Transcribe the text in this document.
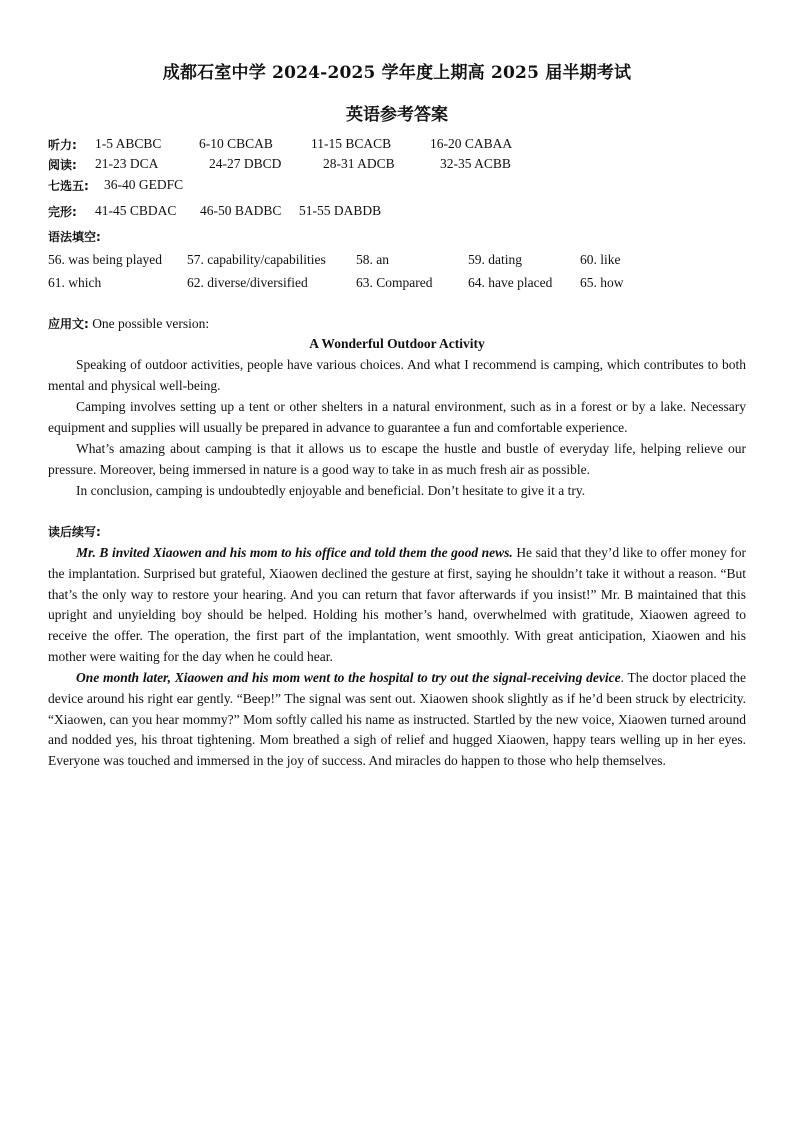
成都石室中学 2024-2025 学年度上期高 2025 届半期考试
英语参考答案
听力: 1-5 ABCBC	6-10 CBCAB	11-15 BCACB	16-20 CABAA
阅读: 21-23 DCA	24-27 DBCD	28-31 ADCB	32-35 ACBB
七选五: 36-40 GEDFC
完形: 41-45 CBDAC 46-50 BADBC 51-55 DABDB
语法填空:
56. was being played 57. capability/capabilities 58. an	59. dating	60. like
61. which	62. diverse/diversified	63. Compared	64. have placed 65. how
应用文: One possible version:
A Wonderful Outdoor Activity

Speaking of outdoor activities, people have various choices. And what I recommend is camping, which contributes to both mental and physical well-being.

Camping involves setting up a tent or other shelters in a natural environment, such as in a forest or by a lake. Necessary equipment and supplies will usually be prepared in advance to guarantee a fun and comfortable experience.

What’s amazing about camping is that it allows us to escape the hustle and bustle of everyday life, helping relieve our pressure. Moreover, being immersed in nature is a good way to take in as much fresh air as possible.

In conclusion, camping is undoubtedly enjoyable and beneficial. Don’t hesitate to give it a try.

读后续写:

Mr. B invited Xiaowen and his mom to his office and told them the good news. He said that they’d like to offer money for the implantation. Surprised but grateful, Xiaowen declined the gesture at first, saying he shouldn’t take it without a reason. “But that’s the only way to restore your hearing. And you can return that favor afterwards if you insist!” Mr. B maintained that this upright and unyielding boy should be helped. Holding his mother’s hand, overwhelmed with gratitude, Xiaowen agreed to receive the offer. The operation, the first part of the implantation, went smoothly. With great anticipation, Xiaowen and his mother were waiting for the day when he could hear.

One month later, Xiaowen and his mom went to the hospital to try out the signal-receiving device. The doctor placed the device around his right ear gently. “Beep!” The signal was sent out. Xiaowen shook slightly as if he’d been struck by electricity. “Xiaowen, can you hear mommy?” Mom softly called his name as instructed. Startled by the new voice, Xiaowen turned around and nodded yes, his throat tightening. Mom breathed a sigh of relief and hugged Xiaowen, happy tears welling up in her eyes. Everyone was touched and immersed in the joy of success. And miracles do happen to those who help themselves.
